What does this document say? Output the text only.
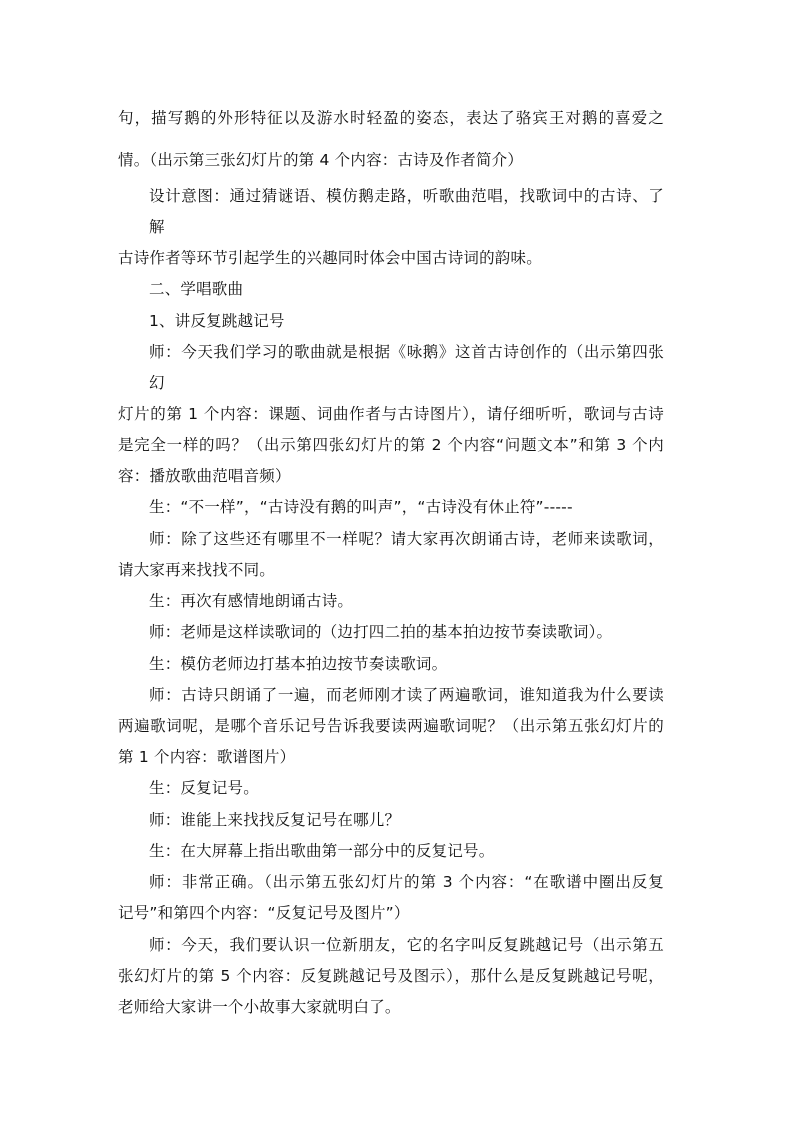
句，描写鹅的外形特征以及游水时轻盈的姿态，表达了骆宾王对鹅的喜爱之
情。（出示第三张幻灯片的第 4 个内容：古诗及作者简介）
设计意图：通过猜谜语、模仿鹅走路，听歌曲范唱，找歌词中的古诗、了
解
古诗作者等环节引起学生的兴趣同时体会中国古诗词的韵味。
二、学唱歌曲
1、讲反复跳越记号
师：今天我们学习的歌曲就是根据《咏鹅》这首古诗创作的（出示第四张
幻
灯片的第 1 个内容：课题、词曲作者与古诗图片），请仔细听听，歌词与古诗
是完全一样的吗？（出示第四张幻灯片的第 2 个内容“问题文本”和第 3 个内
容：播放歌曲范唱音频）
生：“不一样”，“古诗没有鹅的叫声”，“古诗没有休止符”-----
师：除了这些还有哪里不一样呢？请大家再次朗诵古诗，老师来读歌词，
请大家再来找找不同。
生：再次有感情地朗诵古诗。
师：老师是这样读歌词的（边打四二拍的基本拍边按节奏读歌词）。
生：模仿老师边打基本拍边按节奏读歌词。
师：古诗只朗诵了一遍，而老师刚才读了两遍歌词，谁知道我为什么要读
两遍歌词呢，是哪个音乐记号告诉我要读两遍歌词呢？（出示第五张幻灯片的
第 1 个内容：歌谱图片）
生：反复记号。
师：谁能上来找找反复记号在哪儿？
生：在大屏幕上指出歌曲第一部分中的反复记号。
师：非常正确。（出示第五张幻灯片的第 3 个内容：“在歌谱中圈出反复
记号”和第四个内容：“反复记号及图片”）
师：今天，我们要认识一位新朋友，它的名字叫反复跳越记号（出示第五
张幻灯片的第 5 个内容：反复跳越记号及图示），那什么是反复跳越记号呢，
老师给大家讲一个小故事大家就明白了。
